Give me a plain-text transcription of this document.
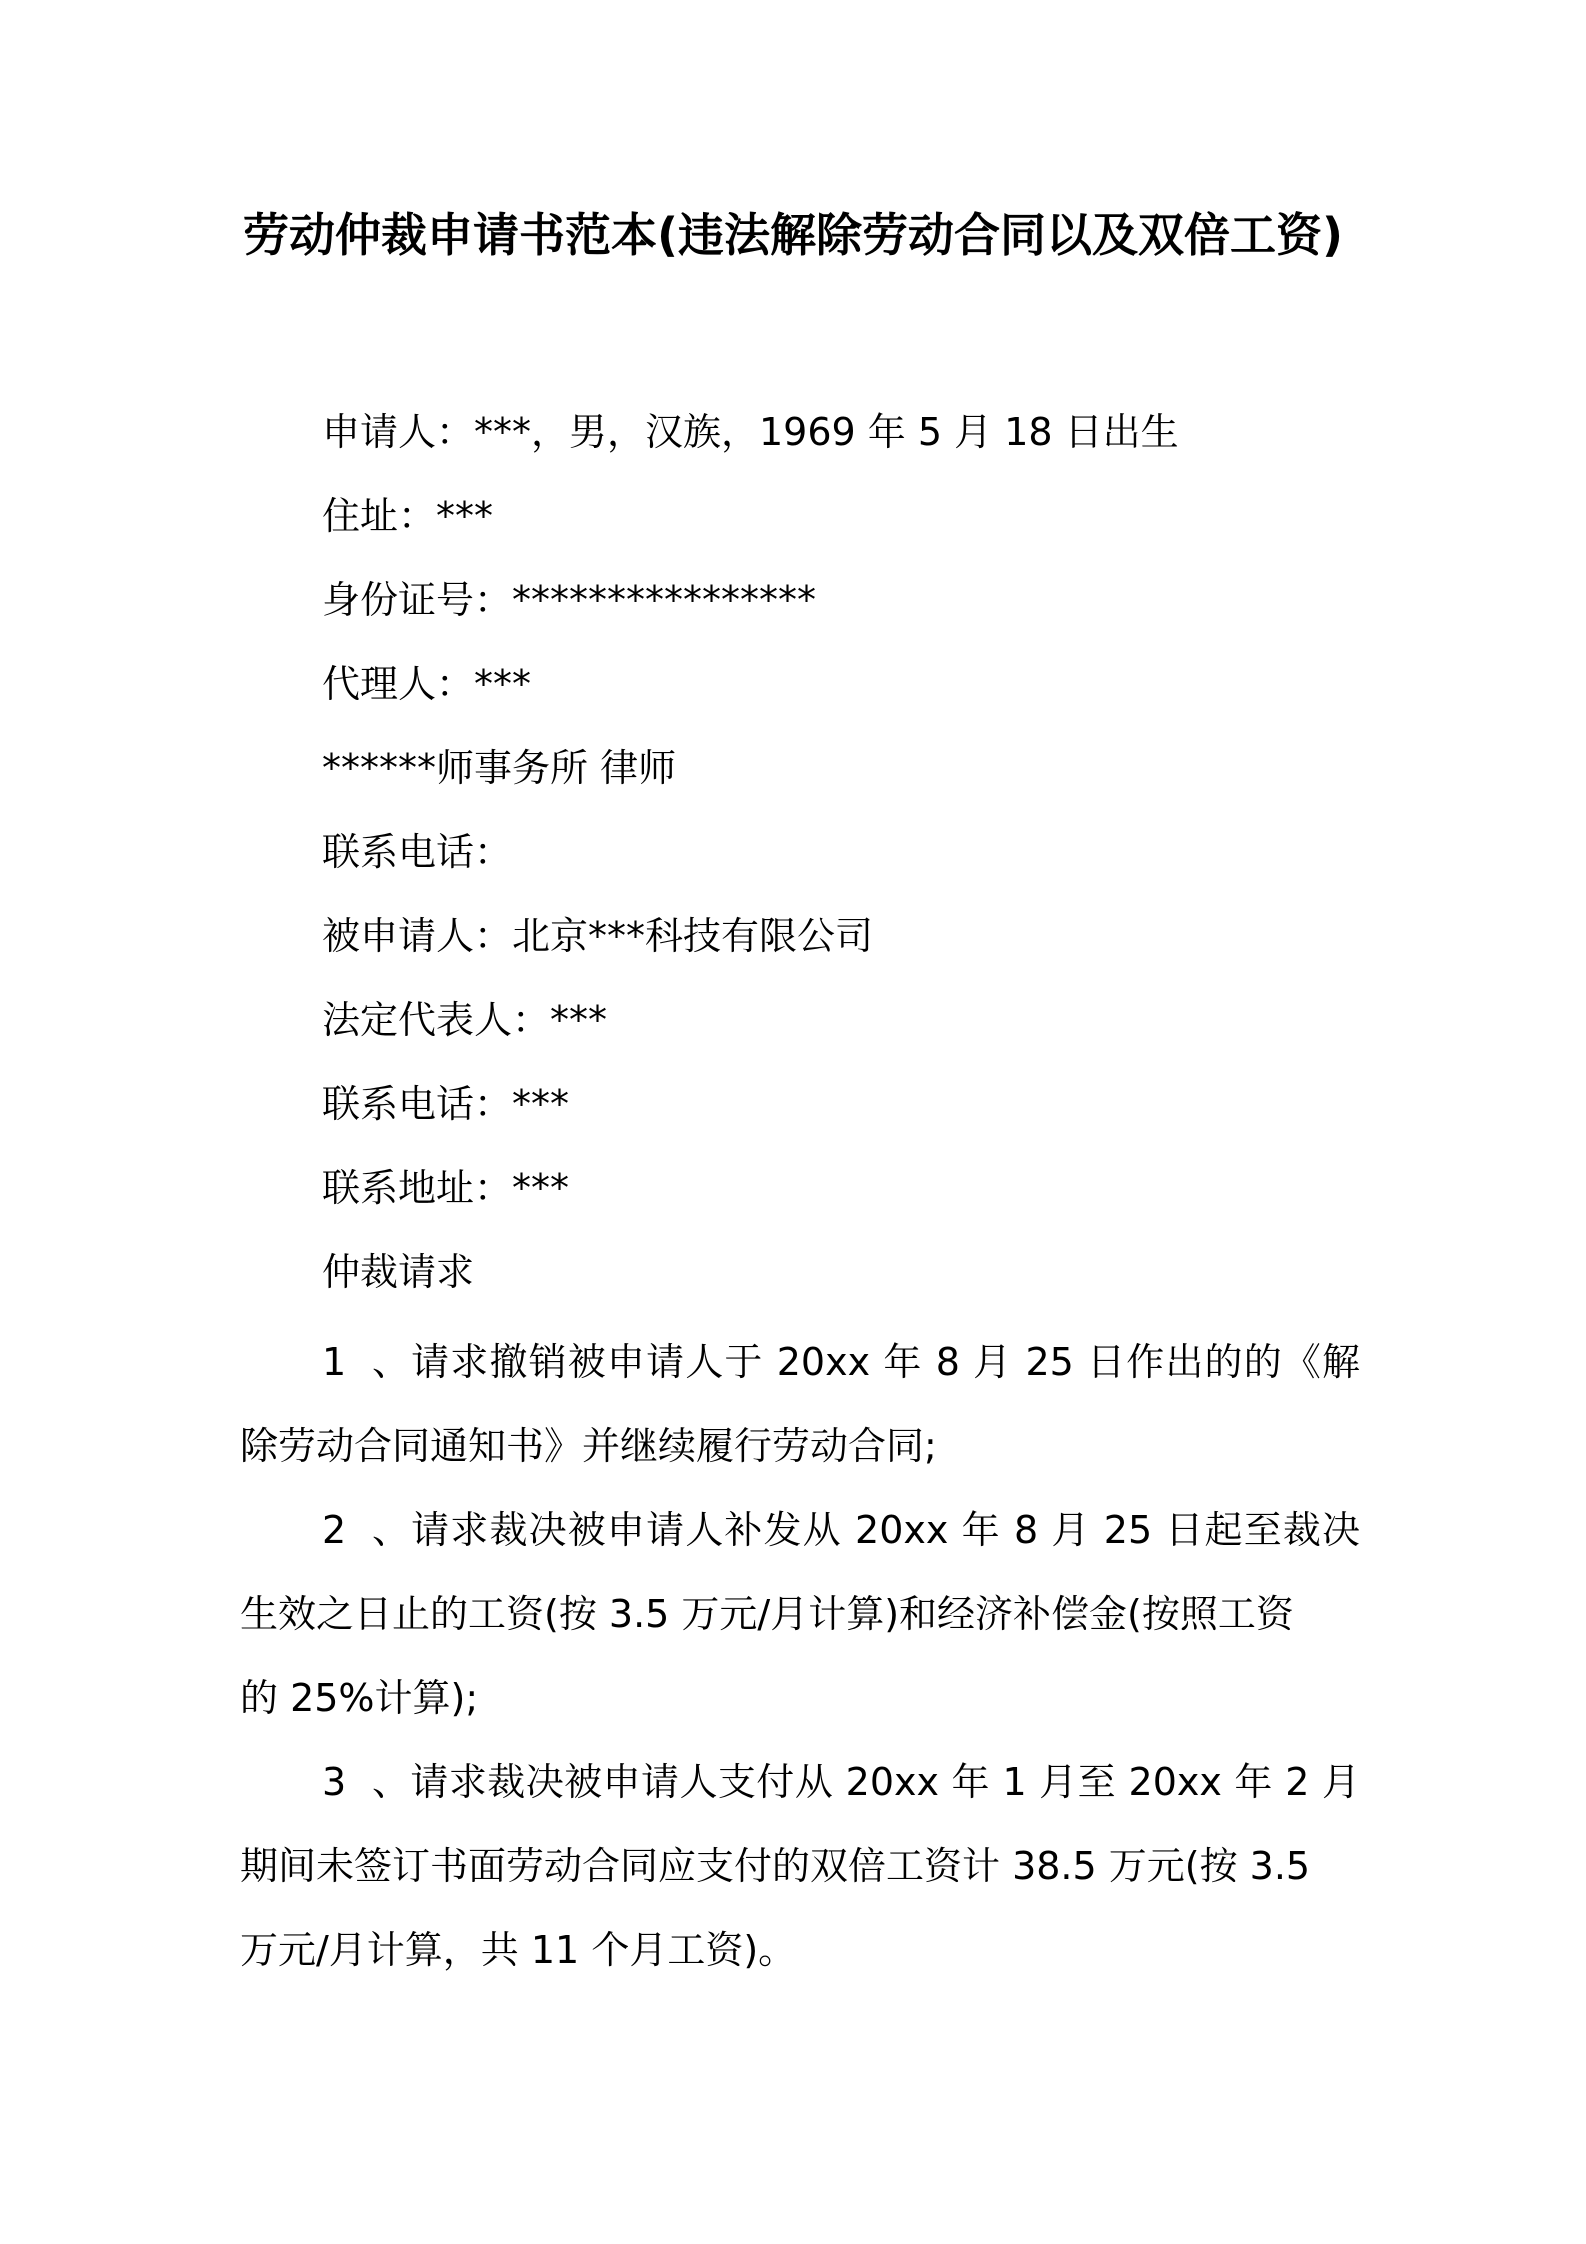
劳动仲裁申请书范本(违法解除劳动合同以及双倍工资)
申请人：***，男，汉族，1969 年 5 月 18 日出生
住址：***
身份证号：****************
代理人：***
******师事务所 律师
联系电话：
被申请人：北京***科技有限公司
法定代表人：***
联系电话：***
联系地址：***
仲裁请求
1、请求撤销被申请人于 20xx 年 8 月 25 日作出的的《解
除劳动合同通知书》并继续履行劳动合同;
2、请求裁决被申请人补发从 20xx 年 8 月 25 日起至裁决
生效之日止的工资(按 3.5 万元/月计算)和经济补偿金(按照工资
的 25%计算);
3、请求裁决被申请人支付从 20xx 年 1 月至 20xx 年 2 月
期间未签订书面劳动合同应支付的双倍工资计 38.5 万元(按 3.5
万元/月计算，共 11 个月工资)。
